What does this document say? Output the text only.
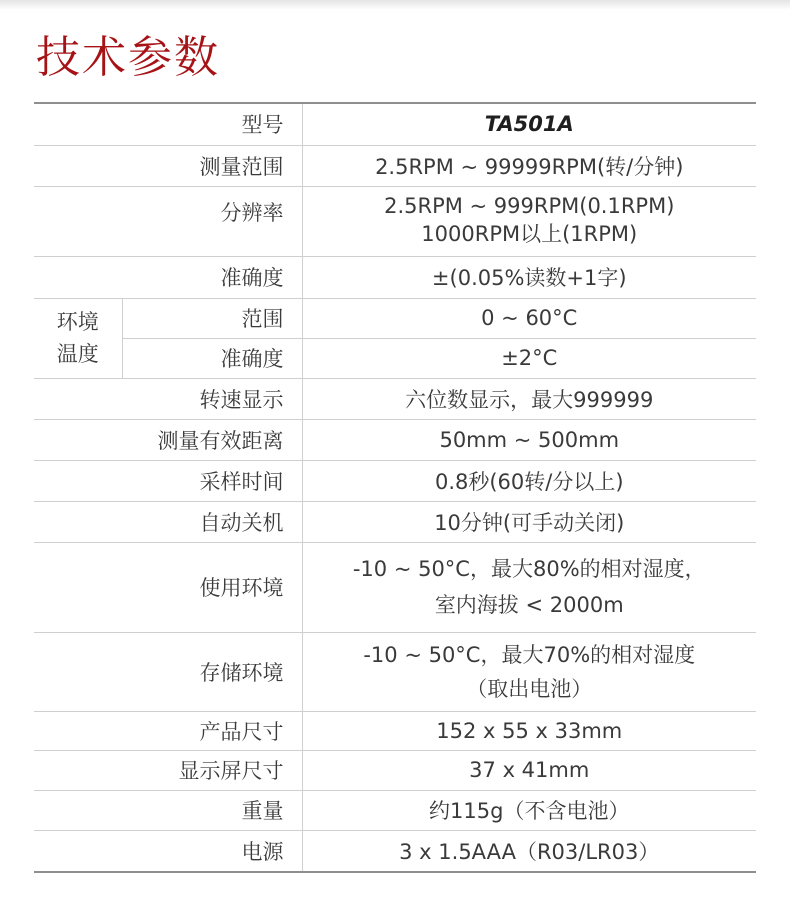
技术参数
型号		TA501A
测量范围		2.5RPM ~ 99999RPM(转/分钟)
分辨率		2.5RPM ~ 999RPM(0.1RPM)
1000RPM以上(1RPM)

准确度		±(0.05%读数+1字)

环境温度	范围	0 ~ 60°C
	准确度	±2°C
转速显示		六位数显示，最大999999
测量有效距离		50mm ~ 500mm
采样时间		0.8秒(60转/分以上)
自动关机		10分钟(可手动关闭)
使用环境		-10 ~ 50°C，最大80%的相对湿度，
室内海拔 < 2000m

存储环境		-10 ~ 50°C，最大70%的相对湿度
（取出电池）

产品尺寸		152 x 55 x 33mm
显示屏尺寸		37 x 41mm
重量		约115g（不含电池）
电源		3 x 1.5AAA（R03/LR03）
